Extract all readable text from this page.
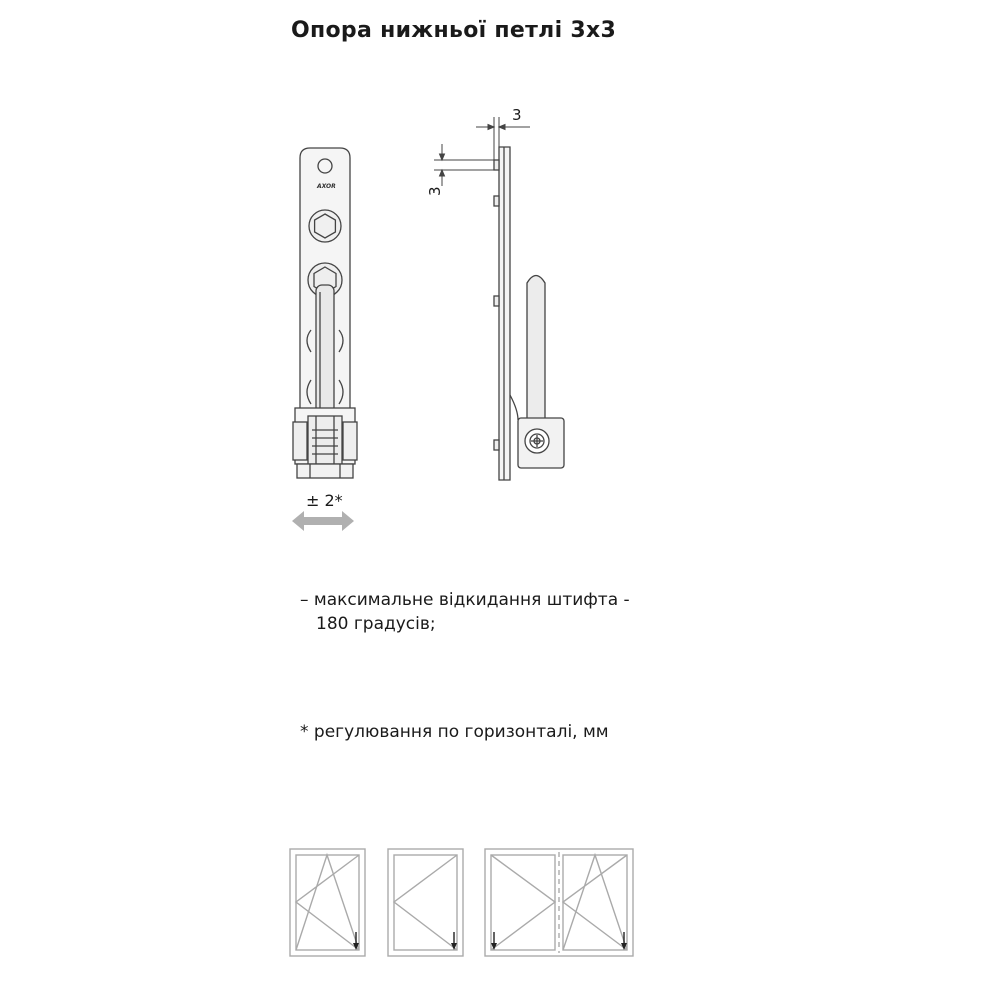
Опора нижньої петлі 3x3
AXOR
± 2*
3
3
– максимальне відкидання штифта -
180 градусів;
* регулювання по горизонталі, мм
